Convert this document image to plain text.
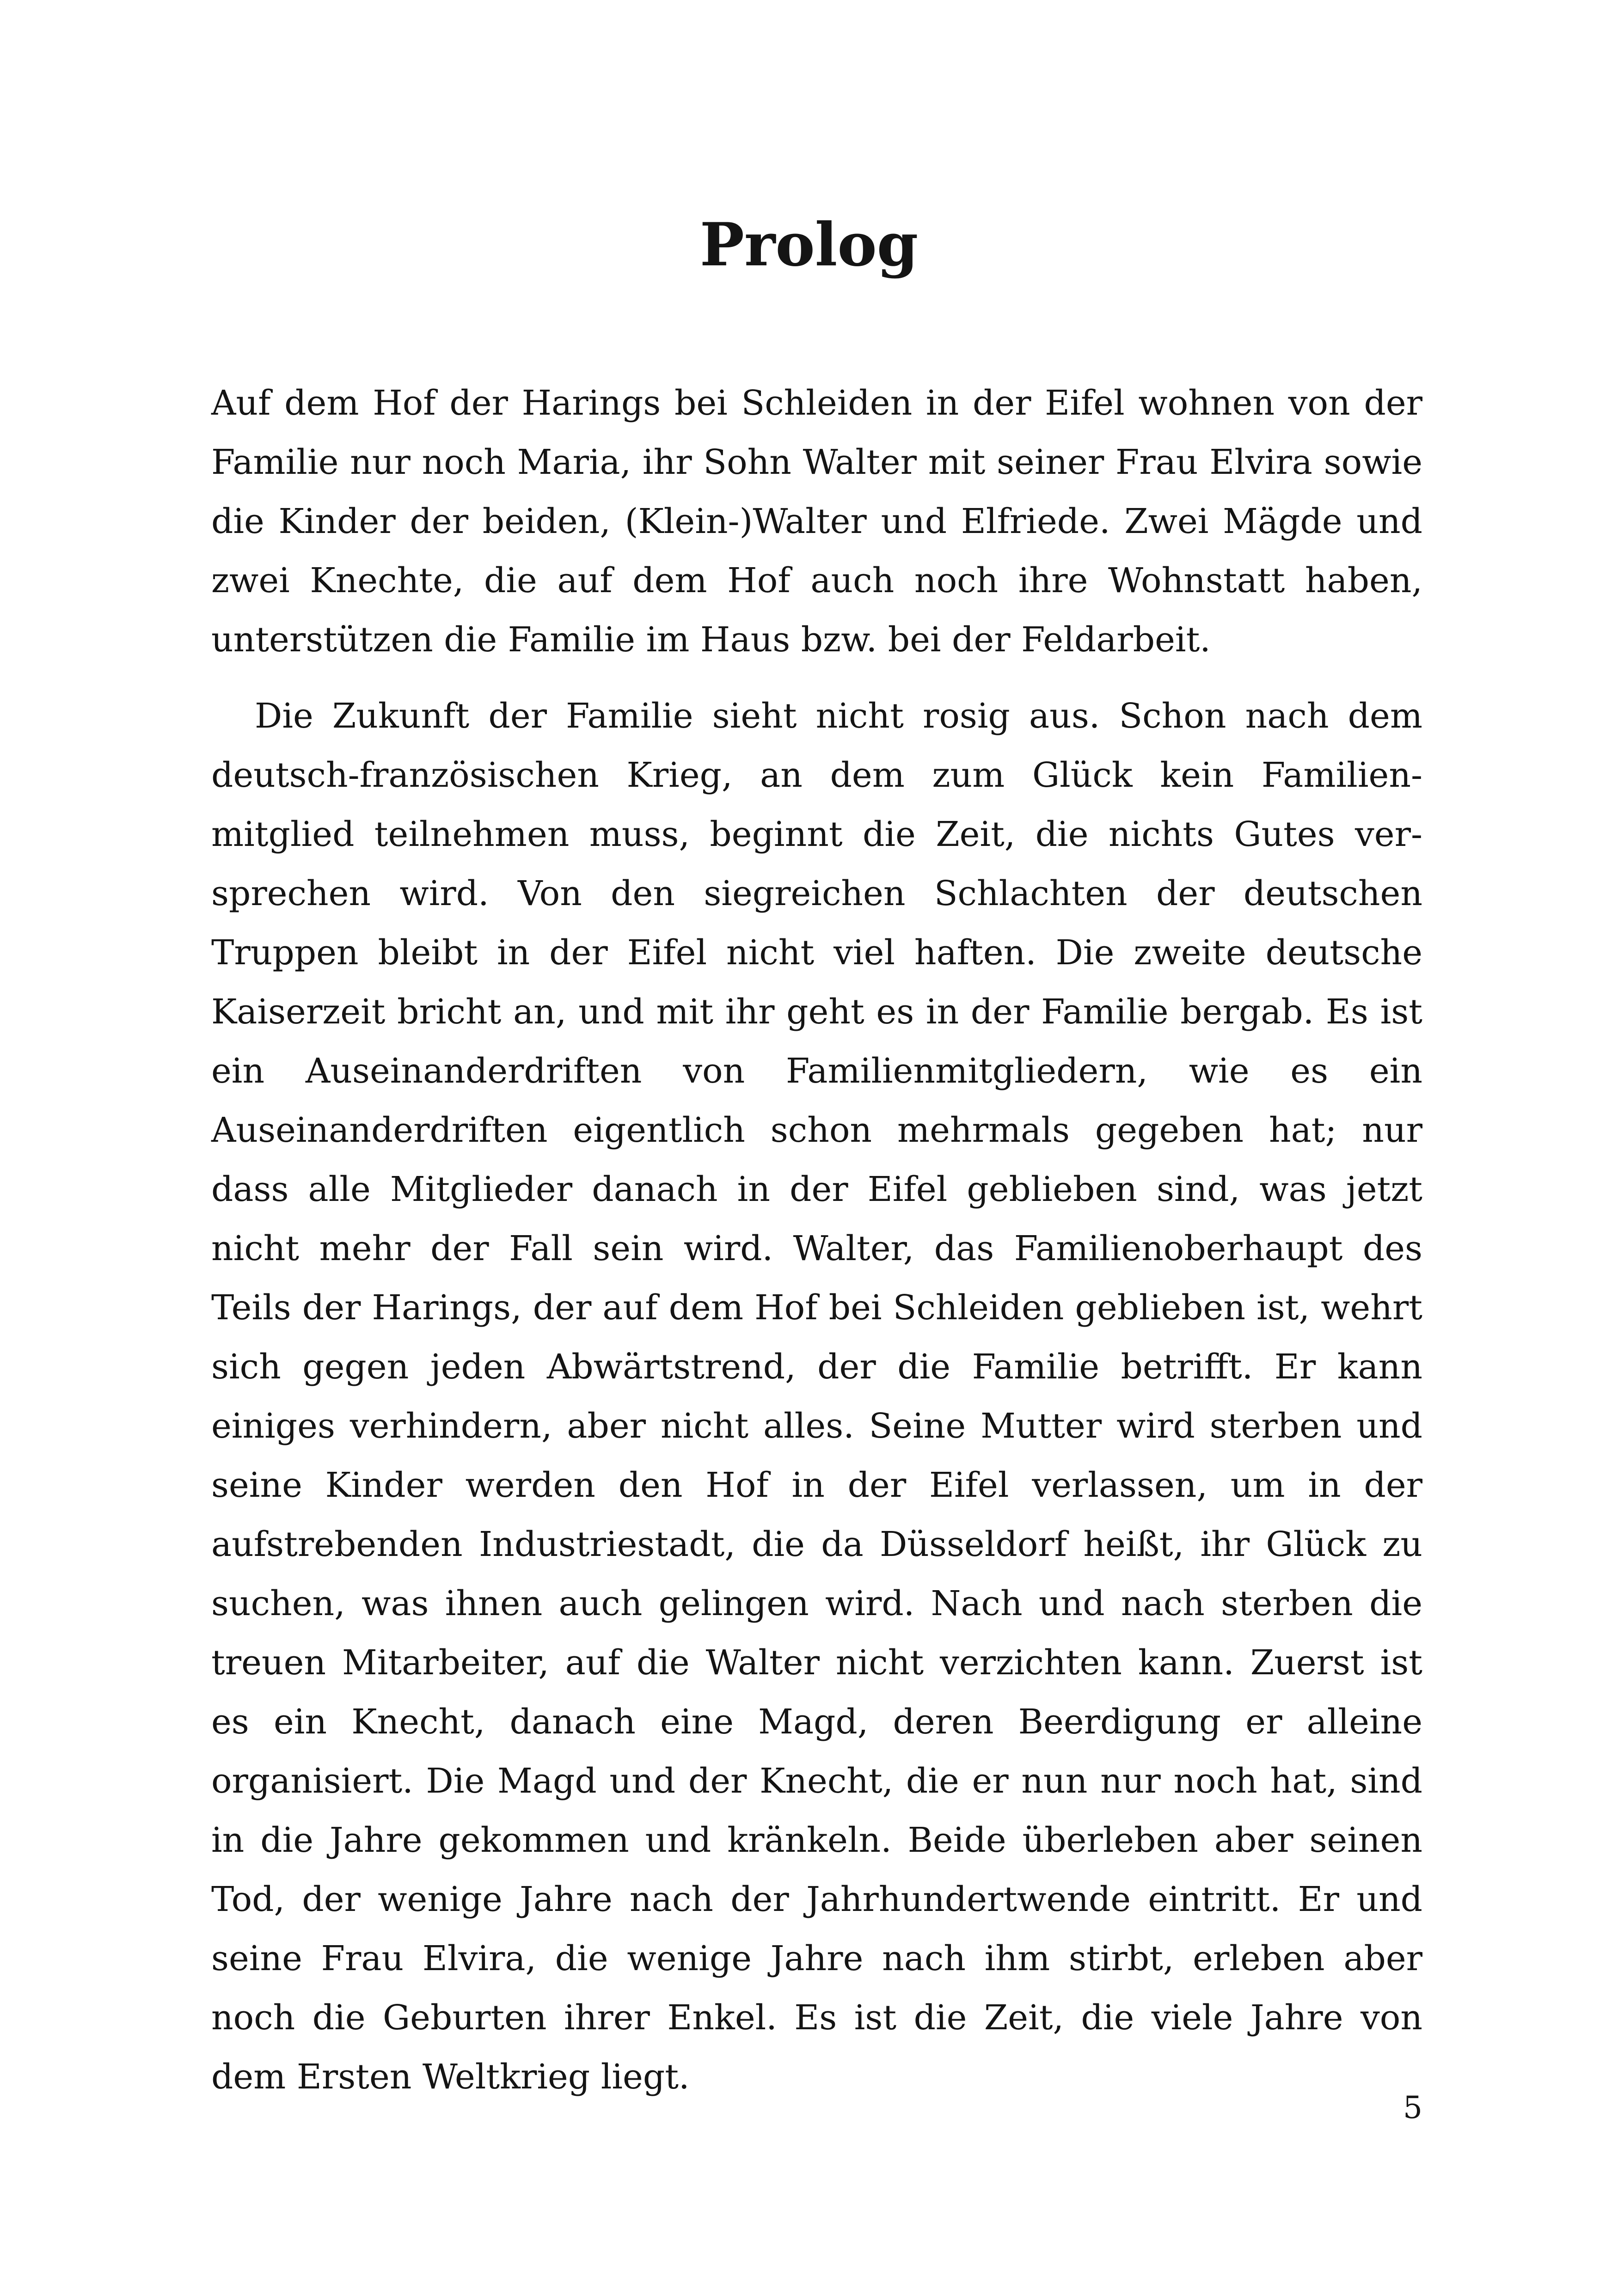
Prolog

Auf dem Hof der Harings bei Schleiden in der Eifel wohnen von der Familie nur noch Maria, ihr Sohn Walter mit seiner Frau Elvira sowie die Kinder der beiden, (Klein-)Walter und Elfriede. Zwei Mägde und zwei Knechte, die auf dem Hof auch noch ihre Wohnstatt haben, unterstützen die Familie im Haus bzw. bei der Feldarbeit.

Die Zukunft der Familie sieht nicht rosig aus. Schon nach dem deutsch-französischen Krieg, an dem zum Glück kein Familienmitglied teilnehmen muss, beginnt die Zeit, die nichts Gutes versprechen wird. Von den siegreichen Schlachten der deutschen Truppen bleibt in der Eifel nicht viel haften. Die zweite deutsche Kaiserzeit bricht an, und mit ihr geht es in der Familie bergab. Es ist ein Auseinanderdriften von Familienmitgliedern, wie es ein Auseinanderdriften eigentlich schon mehrmals gegeben hat; nur dass alle Mitglieder danach in der Eifel geblieben sind, was jetzt nicht mehr der Fall sein wird. Walter, das Familienoberhaupt des Teils der Harings, der auf dem Hof bei Schleiden geblieben ist, wehrt sich gegen jeden Abwärtstrend, der die Familie betrifft. Er kann einiges verhindern, aber nicht alles. Seine Mutter wird sterben und seine Kinder werden den Hof in der Eifel verlassen, um in der aufstrebenden Industriestadt, die da Düsseldorf heißt, ihr Glück zu suchen, was ihnen auch gelingen wird. Nach und nach sterben die treuen Mitarbeiter, auf die Walter nicht verzichten kann. Zuerst ist es ein Knecht, danach eine Magd, deren Beerdigung er alleine organisiert. Die Magd und der Knecht, die er nun nur noch hat, sind in die Jahre gekommen und kränkeln. Beide überleben aber seinen Tod, der wenige Jahre nach der Jahrhundertwende eintritt. Er und seine Frau Elvira, die wenige Jahre nach ihm stirbt, erleben aber noch die Geburten ihrer Enkel. Es ist die Zeit, die viele Jahre von dem Ersten Weltkrieg liegt.

5
